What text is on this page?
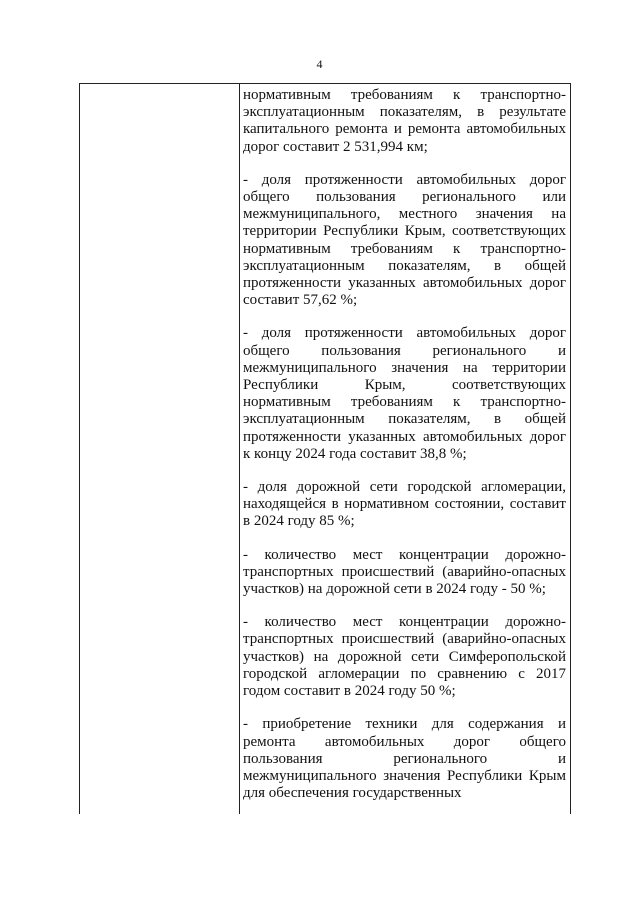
4

нормативным требованиям к транспортно-эксплуатационным показателям, в результате капитального ремонта и ремонта автомобильных дорог составит 2 531,994 км;

- доля протяженности автомобильных дорог общего пользования регионального или межмуниципального, местного значения на территории Республики Крым, соответствующих нормативным требованиям к транспортно-эксплуатационным показателям, в общей протяженности указанных автомобильных дорог составит 57,62 %;

- доля протяженности автомобильных дорог общего пользования регионального и межмуниципального значения на территории Республики Крым, соответствующих нормативным требованиям к транспортно-эксплуатационным показателям, в общей протяженности указанных автомобильных дорог к концу 2024 года составит 38,8 %;

- доля дорожной сети городской агломерации, находящейся в нормативном состоянии, составит в 2024 году 85 %;

- количество мест концентрации дорожно-транспортных происшествий (аварийно-опасных участков) на дорожной сети в 2024 году - 50 %;

- количество мест концентрации дорожно-транспортных происшествий (аварийно-опасных участков) на дорожной сети Симферопольской городской агломерации по сравнению с 2017 годом составит в 2024 году 50 %;

- приобретение техники для содержания и ремонта автомобильных дорог общего пользования регионального и межмуниципального значения Республики Крым для обеспечения государственных
